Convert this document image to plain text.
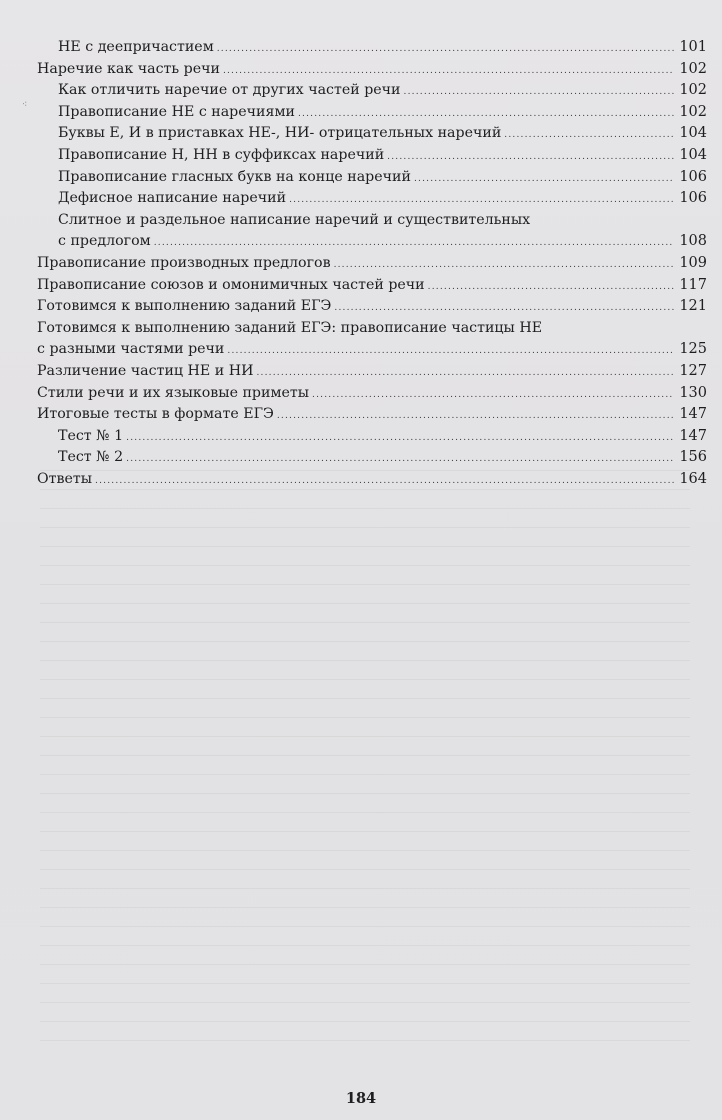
⁖
НЕ с деепричастием .....	101
Наречие как часть речи .....	102
Как отличить наречие от других частей речи .....	102
Правописание НЕ с наречиями .....	102
Буквы Е, И в приставках НЕ-, НИ- отрицательных наречий .....	104
Правописание Н, НН в суффиксах наречий .....	104
Правописание гласных букв на конце наречий .....	106
Дефисное написание наречий .....	106
Слитное и раздельное написание наречий и существительных
с предлогом .....	108
Правописание производных предлогов .....	109
Правописание союзов и омонимичных частей речи .....	117
Готовимся к выполнению заданий ЕГЭ .....	121
Готовимся к выполнению заданий ЕГЭ: правописание частицы НЕ
с разными частями речи .....	125
Различение частиц НЕ и НИ .....	127
Стили речи и их языковые приметы .....	130
Итоговые тесты в формате ЕГЭ .....	147
Тест № 1 .....	147
Тест № 2 .....	156
Ответы .....	164
184
